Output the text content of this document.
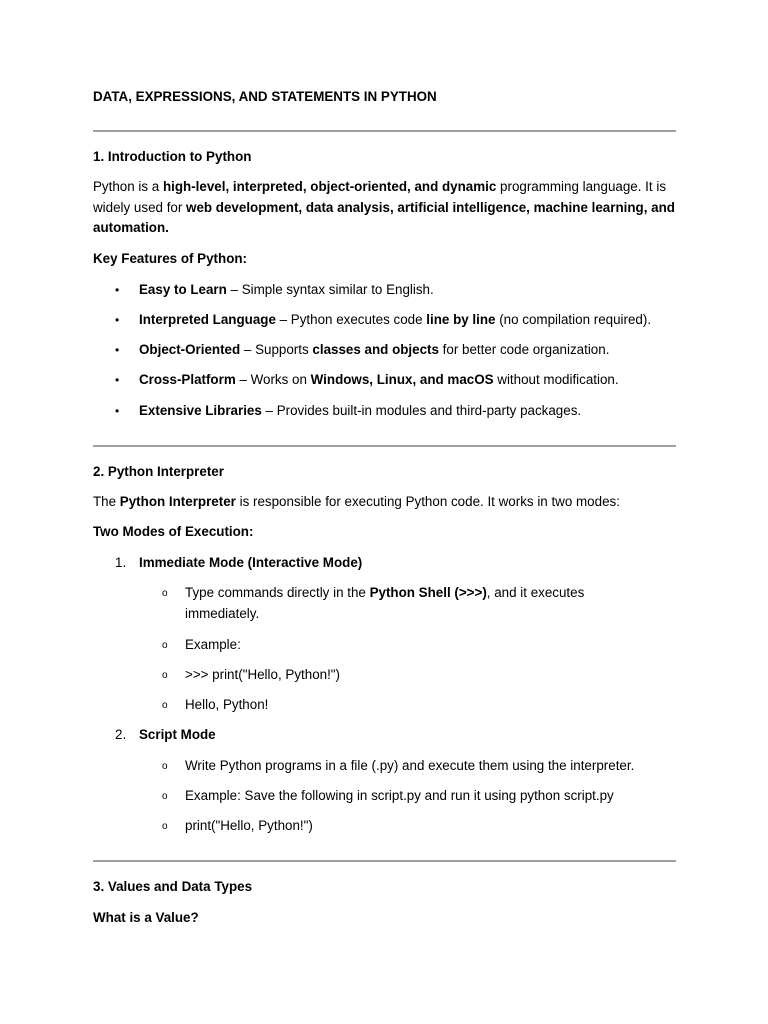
DATA, EXPRESSIONS, AND STATEMENTS IN PYTHON
1. Introduction to Python
Python is a high-level, interpreted, object-oriented, and dynamic programming language. It is widely used for web development, data analysis, artificial intelligence, machine learning, and automation.
Key Features of Python:
• Easy to Learn – Simple syntax similar to English.
• Interpreted Language – Python executes code line by line (no compilation required).
• Object-Oriented – Supports classes and objects for better code organization.
• Cross-Platform – Works on Windows, Linux, and macOS without modification.
• Extensive Libraries – Provides built-in modules and third-party packages.
2. Python Interpreter
The Python Interpreter is responsible for executing Python code. It works in two modes:
Two Modes of Execution:
1. Immediate Mode (Interactive Mode)
o Type commands directly in the Python Shell (>>>), and it executes
immediately.
o Example:
o >>> print("Hello, Python!")
o Hello, Python!
2. Script Mode
o Write Python programs in a file (.py) and execute them using the interpreter.
o Example: Save the following in script.py and run it using python script.py
o print("Hello, Python!")
3. Values and Data Types
What is a Value?
